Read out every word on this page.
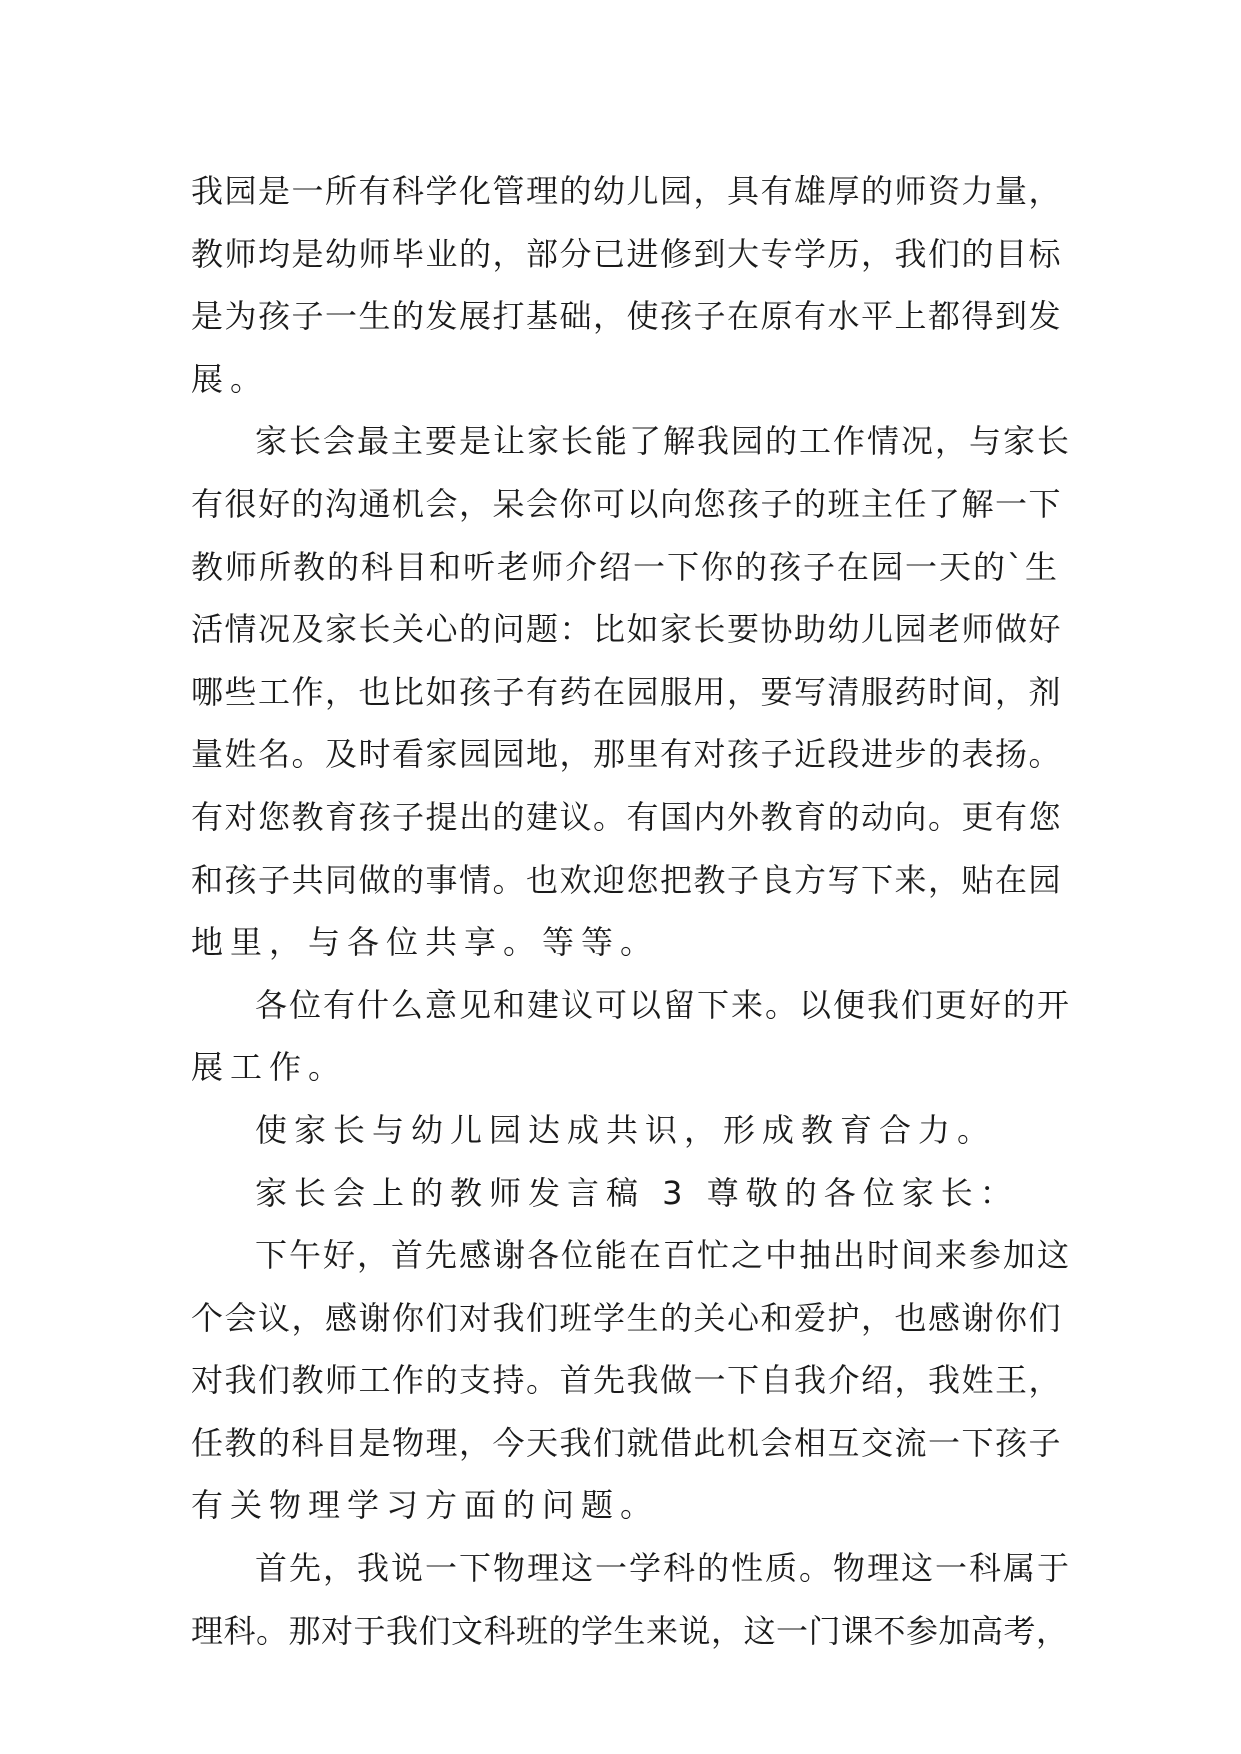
我园是一所有科学化管理的幼儿园，具有雄厚的师资力量，
教师均是幼师毕业的，部分已进修到大专学历，我们的目标
是为孩子一生的发展打基础，使孩子在原有水平上都得到发
展。
家长会最主要是让家长能了解我园的工作情况，与家长
有很好的沟通机会，呆会你可以向您孩子的班主任了解一下
教师所教的科目和听老师介绍一下你的孩子在园一天的`生
活情况及家长关心的问题：比如家长要协助幼儿园老师做好
哪些工作，也比如孩子有药在园服用，要写清服药时间，剂
量姓名。及时看家园园地，那里有对孩子近段进步的表扬。
有对您教育孩子提出的建议。有国内外教育的动向。更有您
和孩子共同做的事情。也欢迎您把教子良方写下来，贴在园
地里，与各位共享。等等。
各位有什么意见和建议可以留下来。以便我们更好的开
展工作。
使家长与幼儿园达成共识，形成教育合力。
家长会上的教师发言稿 3 尊敬的各位家长：
下午好，首先感谢各位能在百忙之中抽出时间来参加这
个会议，感谢你们对我们班学生的关心和爱护，也感谢你们
对我们教师工作的支持。首先我做一下自我介绍，我姓王，
任教的科目是物理，今天我们就借此机会相互交流一下孩子
有关物理学习方面的问题。
首先，我说一下物理这一学科的性质。物理这一科属于
理科。那对于我们文科班的学生来说，这一门课不参加高考，
